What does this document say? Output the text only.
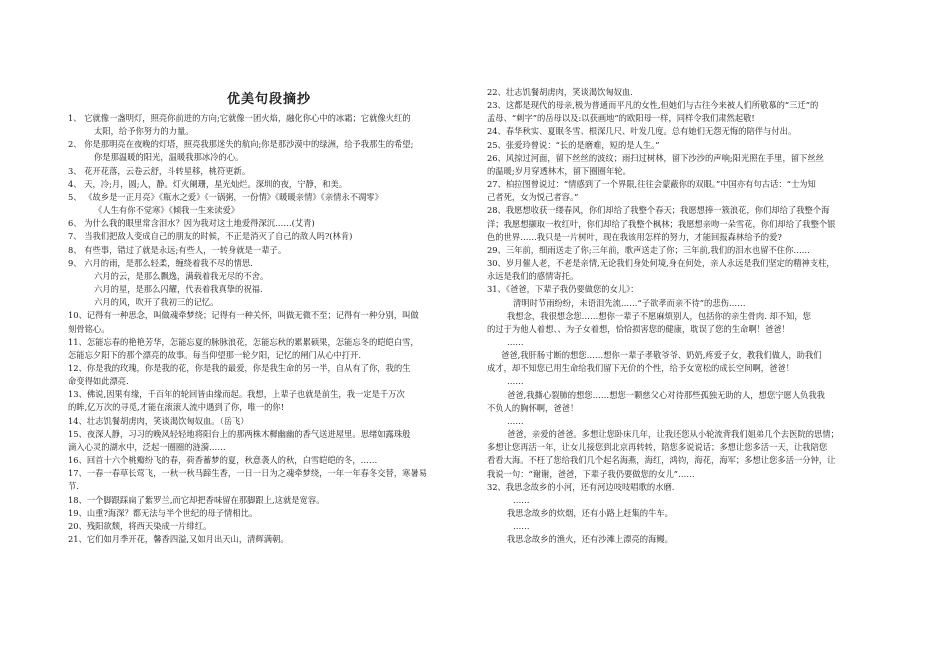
优美句段摘抄
1、 它就像一盏明灯，照亮你前进的方向;它就像一团火焰，融化你心中的冰霜；它就像火红的
太阳，给予你努力的力量。
2、 你是那明亮在夜晚的灯塔，照亮我那迷失的航向;你是那沙漠中的绿洲，给予我那生的希望;
你是那温暖的阳光，温暖我那冰冷的心。
3、 花开花落，云卷云舒，斗转星移，桃符更新。
4、 天，冷;月，圆;人，静。灯火阑珊，星光灿烂。深圳的夜，宁静，和美。
5、 《故乡是一正月亮》《瓶水之爱》《一锅粥，一份情》《暖暖亲情》《亲情永不凋零》
《人生有你不觉寒》《倾我一生来读爱》
6、 为什么我的眼里常含泪水？因为我对这土地爱得深沉……(艾青)
7、 当我们把敌人变成自己的朋友的时候，不正是消灭了自己的敌人吗?(林肯)
8、 有些事，错过了就是永远;有些人，一转身就是一辈子。
9、 六月的雨，是那么轻柔，缠绕着我不尽的情思.
六月的云，是那么飘逸，满载着我无尽的不舍。
六月的星，是那么闪耀，代表着我真挚的祝福.
六月的风，吹开了我初三的记忆。
10、记得有一种思念，叫做魂牵梦绕；记得有一种关怀，叫做无微不至；记得有一种分别，叫做
刻骨铭心。
11、怎能忘春的艳艳芳华，怎能忘夏的脉脉浪花，怎能忘秋的累累硕果，怎能忘冬的皑皑白雪，
怎能忘夕阳下的那个漂亮的故事。每当仰望那一轮夕阳，记忆的闸门从心中打开.
12、你是我的玫瑰，你是我的花，你是我的最爱，你是我生命的另一半，自从有了你，我的生
命变得如此漂亮.
13、佛说,因果有缘，千百年的轮回皆由缘而起。我想，上辈子也就是前生，我一定是千万次
的眸,亿万次的寻觅,才能在滚滚人流中遇到了你，唯一的你!
14、壮志饥餐胡虏肉，笑谈渴饮匈奴血。（岳飞）
15、夜深人静，习习的晚风轻轻地将阳台上的那两株木樨幽幽的香气送进屋里。思绪如露珠般
滴入心灵的湖水中，泛起一圈圈的涟漪……
16、回首十六个桃瓣纷飞的春，荷香蓄梦的夏，秋意袭人的秋，白雪皑皑的冬，……
17、一春一春草长莺飞，一秋一秋马蹄生香，一日一日为之魂牵梦绕，一年一年春冬交替，寒暑易
节.
18、一个脚跟踩扁了紫罗兰,而它却把香味留在那脚跟上,这就是宽容。
19、山重?海深？都无法与半个世纪的母子情相比。
20、残阳欲颓，将西天染成一片绯红。
21、它们如月季开花，馨香四溢,又如月出天山，清辉满朝。
22、壮志饥餐胡虏肉，笑谈渴饮匈奴血.
23、这都是现代的母亲,极为普通而平凡的女性,但她们与古往今来被人们所敬慕的“三迁”的
孟母、“刺字”的岳母以及:以获画地“的欧阳母一样，同样令我们肃然起敬!
24、春华秋实、夏眠冬雪、根深几尺、叶发几度。总有她们无怨无悔的陪伴与付出。
25、张爱玲曾说：“长的是磨难，短的是人生。”
26、风掠过河面，留下丝丝的波纹；雨扫过树林，留下沙沙的声响;阳光照在手里，留下丝丝
的温暖;岁月穿透林木，留下圈圈年轮。
27、柏拉图曾说过：“情感到了一个界限,往往会蒙蔽你的双眼。”中国亦有句古话：“士为知
己者死，女为悦己者容。”
28、我愿想收获一缕春风，你们却给了我整个春天；我愿想捧一簇浪花，你们却给了我整个海
洋；我愿想撷取一枚红叶，你们却给了我整个枫林；我愿想亲吻一朵雪花，你们却给了我整个银
色的世界……我只是一片树叶，现在我该用怎样的努力，才能回报森林给予的爱?
29、三年前，细雨送走了你;三年前，歌声送走了你；三年前,我们的泪水也留不住你……
30、岁月催人老，不老是亲情,无论我们身处何境,身在何处，亲人永远是我们坚定的精神支柱，
永远是我们的感情寄托。
31、《爸爸，下辈子我仍要做您的女儿》：
清明时节雨纷纷，未语泪先流……“子欲孝而亲不待”的悲伤……
我想念，我很想念您……想你一辈子不愿麻烦别人，包括你的亲生骨肉. 却不知，您
的过于为他人着想、、为子女着想，恰恰损害您的健康，耽误了您的生命啊！爸爸！
……
爸爸,我肝肠寸断的想您……想你一辈子孝敬爷爷、奶奶,疼爱子女，教我们做人，助我们
成才，却不知您已用生命给我们留下无价的个性，给予女宽松的成长空间啊，爸爸！
……
爸爸,我撕心裂肺的想您……想您一颗慈父心对待那些孤独无助的人，想您宁愿人负我我
不负人的胸怀啊，爸爸！
……
爸爸，亲爱的爸爸。多想让您卧床几年，让我还您从小轮流背我们姐弟几个去医院的思情；
多想让您再活一年，让女儿接您到北京再转转，陪您多说说话；多想让您多活一天，让我陪您
看看大海。不枉了您给我们几个起名海燕，海红，鸿钧，海花，海军；多想让您多活一分钟，让
我说一句：“谢谢，爸爸，下辈子我仍要做您的女儿”……
32、我思念故乡的小河，还有河边吱吱唱歌的水磨.
……
我思念故乡的炊烟，还有小路上赶集的牛车。
……
我思念故乡的渔火，还有沙滩上漂亮的海鳗。
